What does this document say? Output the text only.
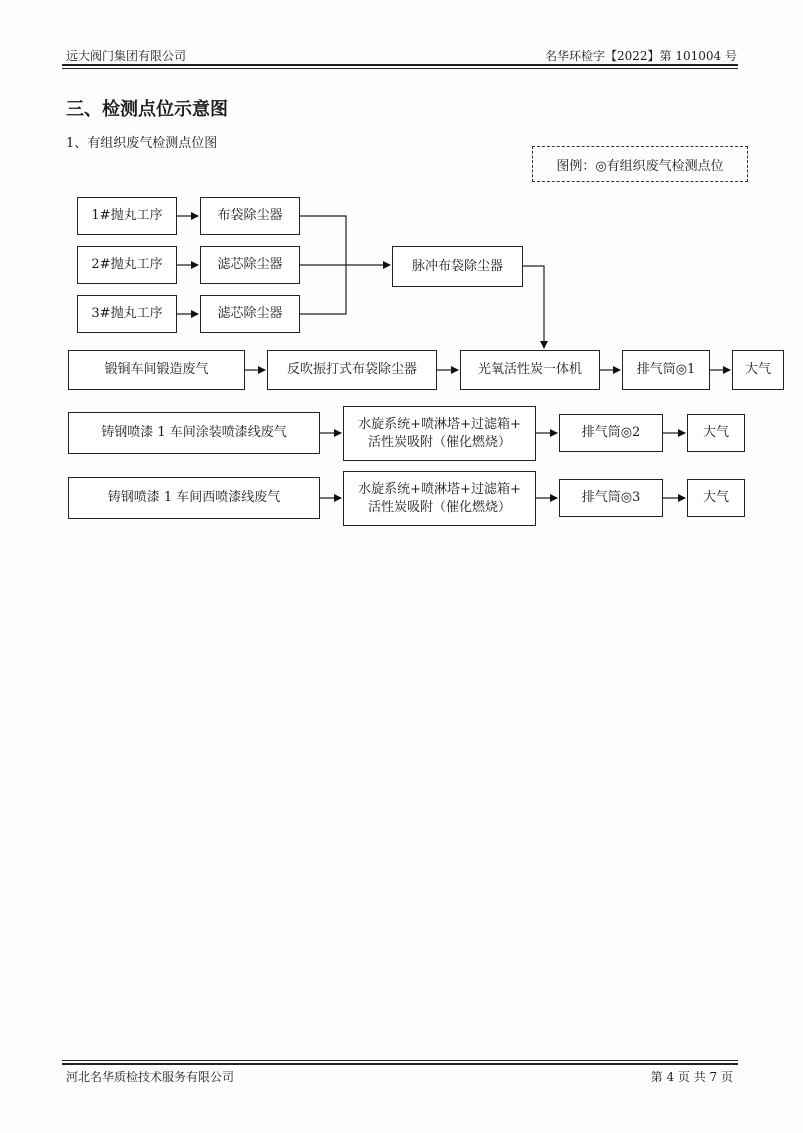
远大阀门集团有限公司	名华环检字【2022】第 101004 号
三、检测点位示意图
1、有组织废气检测点位图
图例：◎有组织废气检测点位
1#抛丸工序
2#抛丸工序
3#抛丸工序
布袋除尘器
滤芯除尘器
滤芯除尘器
脉冲布袋除尘器
锻铜车间锻造废气	反吹振打式布袋除尘器	光氧活性炭一体机	排气筒◎1	大气
铸钢喷漆 1 车间涂装喷漆线废气
水旋系统+喷淋塔+过滤箱+
活性炭吸附（催化燃烧）
排气筒◎2	大气
铸钢喷漆 1 车间西喷漆线废气
水旋系统+喷淋塔+过滤箱+
活性炭吸附（催化燃烧）
排气筒◎3	大气
河北名华质检技术服务有限公司	第 4 页 共 7 页
